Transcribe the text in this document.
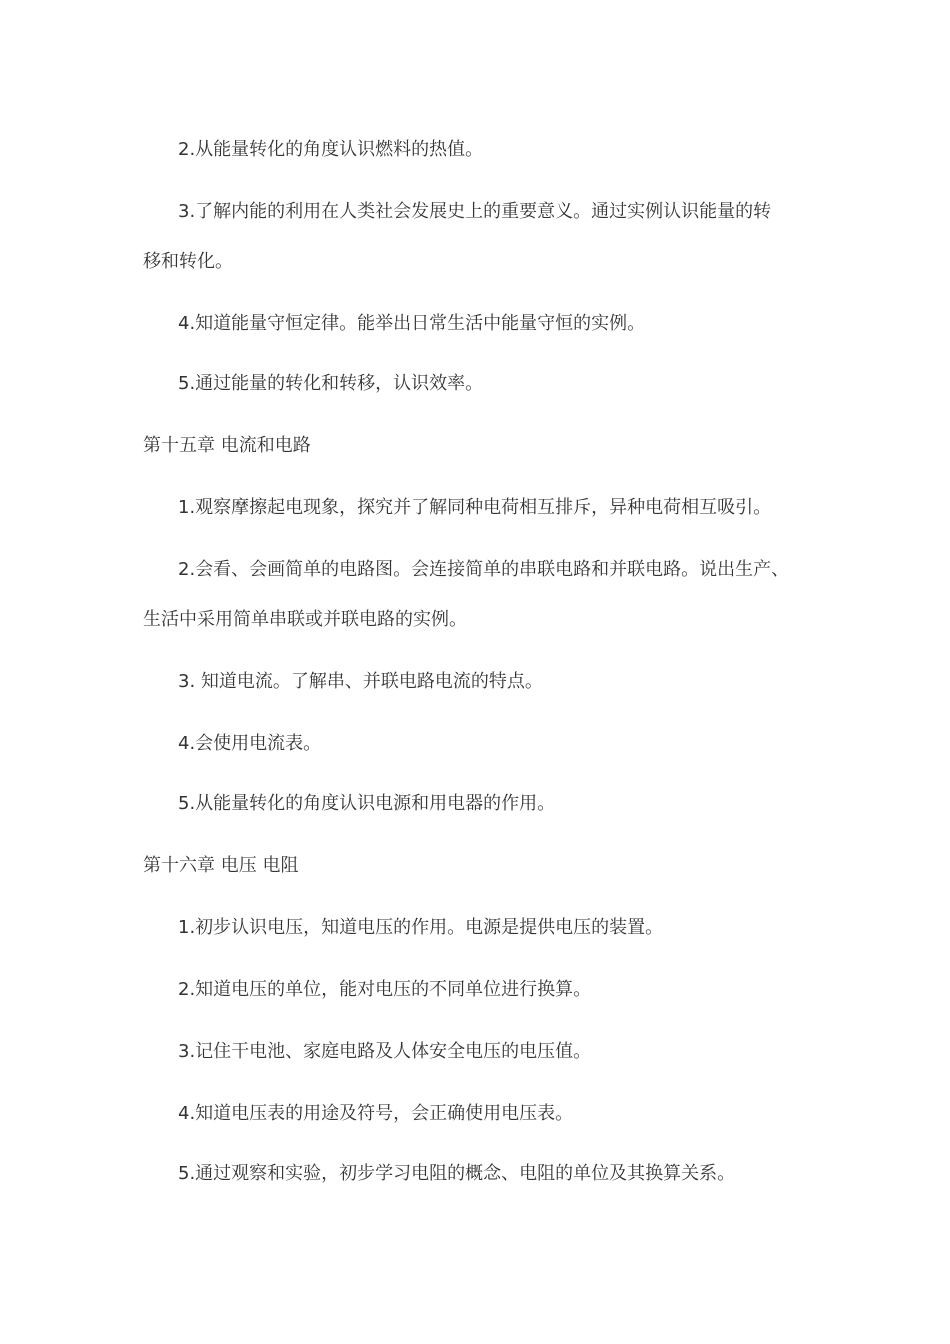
2.从能量转化的角度认识燃料的热值。
3.了解内能的利用在人类社会发展史上的重要意义。通过实例认识能量的转
移和转化。
4.知道能量守恒定律。能举出日常生活中能量守恒的实例。
5.通过能量的转化和转移，认识效率。
第十五章 电流和电路
1.观察摩擦起电现象，探究并了解同种电荷相互排斥，异种电荷相互吸引。
2.会看、会画简单的电路图。会连接简单的串联电路和并联电路。说出生产、
生活中采用简单串联或并联电路的实例。
3. 知道电流。了解串、并联电路电流的特点。
4.会使用电流表。
5.从能量转化的角度认识电源和用电器的作用。
第十六章 电压 电阻
1.初步认识电压，知道电压的作用。电源是提供电压的装置。
2.知道电压的单位，能对电压的不同单位进行换算。
3.记住干电池、家庭电路及人体安全电压的电压值。
4.知道电压表的用途及符号，会正确使用电压表。
5.通过观察和实验，初步学习电阻的概念、电阻的单位及其换算关系。
